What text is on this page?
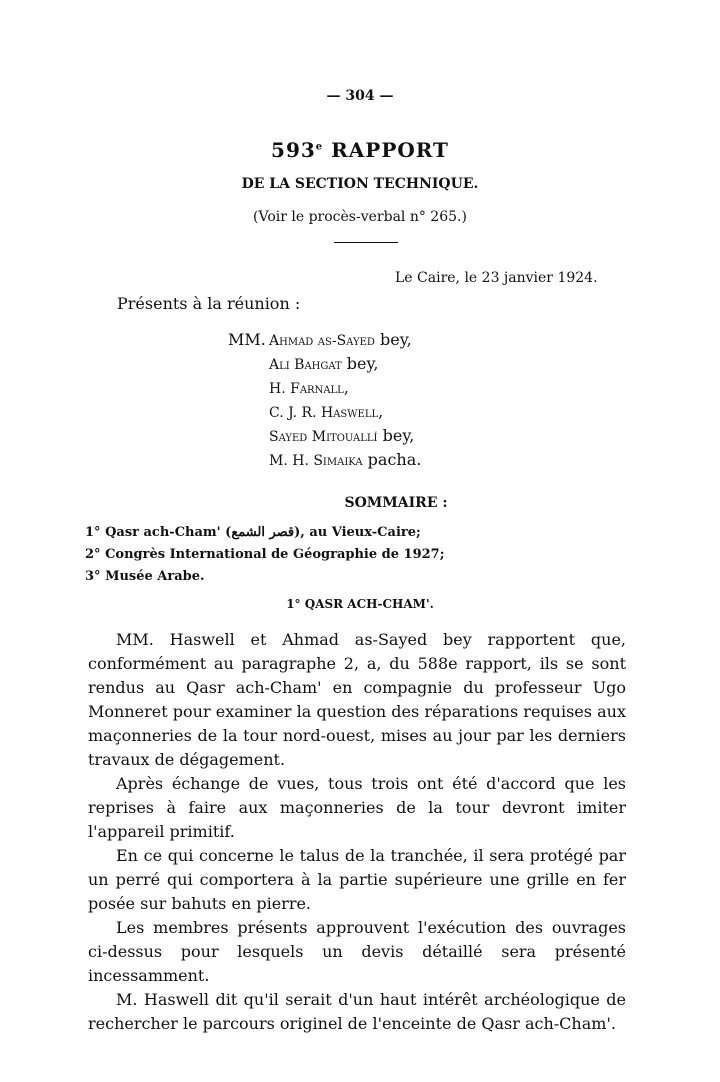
— 304 —
593e RAPPORT
DE LA SECTION TECHNIQUE.
(Voir le procès-verbal n° 265.)
Le Caire, le 23 janvier 1924.
Présents à la réunion :
MM. Ahmad as-Sayed bey,
Ali Bahgat bey,
H. Farnall,
C. J. R. Haswell,
Sayed Mitouallí bey,
M. H. Simaika pacha.
SOMMAIRE :
1° Qasr ach-Cham' (قصر الشمع), au Vieux-Caire;
2° Congrès International de Géographie de 1927;
3° Musée Arabe.
1° QASR ACH-CHAM'.

MM. Haswell et Ahmad as-Sayed bey rapportent que, conformément au paragraphe 2, a, du 588e rapport, ils se sont rendus au Qasr ach-Cham' en compagnie du professeur Ugo Monneret pour examiner la question des réparations requises aux maçonneries de la tour nord-ouest, mises au jour par les derniers travaux de dégagement.

Après échange de vues, tous trois ont été d'accord que les reprises à faire aux maçonneries de la tour devront imiter l'appareil primitif.

En ce qui concerne le talus de la tranchée, il sera protégé par un perré qui comportera à la partie supérieure une grille en fer posée sur bahuts en pierre.

Les membres présents approuvent l'exécution des ouvrages ci-dessus pour lesquels un devis détaillé sera présenté incessamment.

M. Haswell dit qu'il serait d'un haut intérêt archéologique de rechercher le parcours originel de l'enceinte de Qasr ach-Cham'.
